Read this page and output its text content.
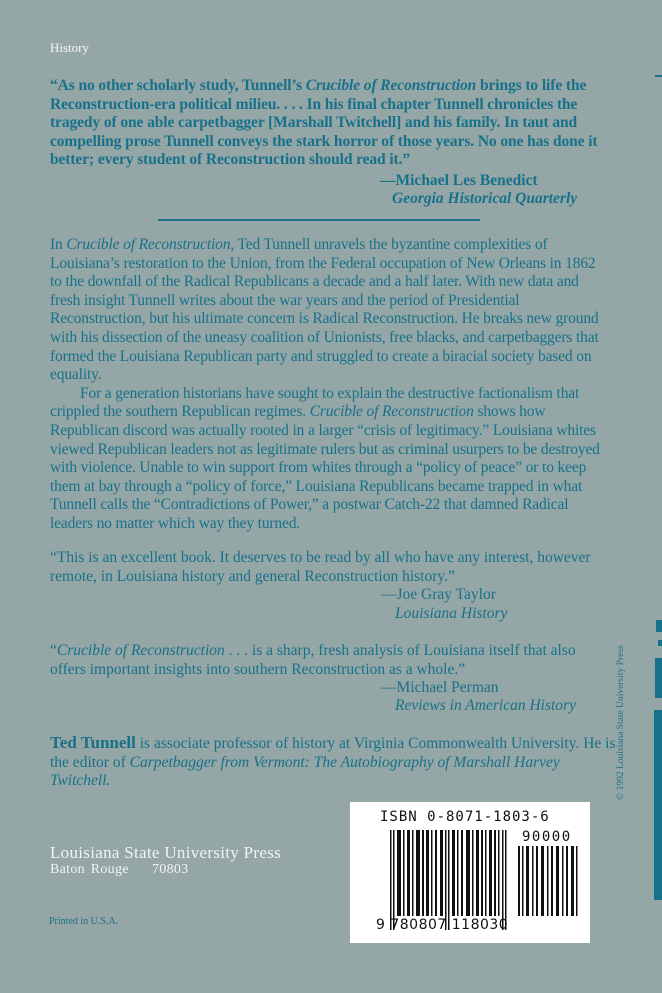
History
“As no other scholarly study, Tunnell’s Crucible of Reconstruction brings to life the Reconstruction-era political milieu. . . . In his final chapter Tunnell chronicles the tragedy of one able carpetbagger [Marshall Twitchell] and his family. In taut and compelling prose Tunnell conveys the stark horror of those years. No one has done it better; every student of Reconstruction should read it.”
—Michael Les Benedict
Georgia Historical Quarterly

In Crucible of Reconstruction, Ted Tunnell unravels the byzantine complexities of Louisiana’s restoration to the Union, from the Federal occupation of New Orleans in 1862 to the downfall of the Radical Republicans a decade and a half later. With new data and fresh insight Tunnell writes about the war years and the period of Presidential Reconstruction, but his ultimate concern is Radical Reconstruction. He breaks new ground with his dissection of the uneasy coalition of Unionists, free blacks, and carpetbaggers that formed the Louisiana Republican party and struggled to create a biracial society based on equality.

For a generation historians have sought to explain the destructive factionalism that crippled the southern Republican regimes. Crucible of Reconstruction shows how Republican discord was actually rooted in a larger “crisis of legitimacy.” Louisiana whites viewed Republican leaders not as legitimate rulers but as criminal usurpers to be destroyed with violence. Unable to win support from whites through a “policy of peace” or to keep them at bay through a “policy of force,” Louisiana Republicans became trapped in what Tunnell calls the “Contradictions of Power,” a postwar Catch-22 that damned Radical leaders no matter which way they turned.

“This is an excellent book. It deserves to be read by all who have any interest, however remote, in Louisiana history and general Reconstruction history.”
—Joe Gray Taylor
Louisiana History
“Crucible of Reconstruction . . . is a sharp, fresh analysis of Louisiana itself that also offers important insights into southern Reconstruction as a whole.”
—Michael Perman
Reviews in American History
Ted Tunnell is associate professor of history at Virginia Commonwealth University. He is the editor of Carpetbagger from Vermont: The Autobiography of Marshall Harvey Twitchell.
Louisiana State University Press
Baton Rouge 70803
Printed in U.S.A.
ISBN 0-8071-1803-6
90000
9 780807 118030
© 1992 Louisiana State University Press
